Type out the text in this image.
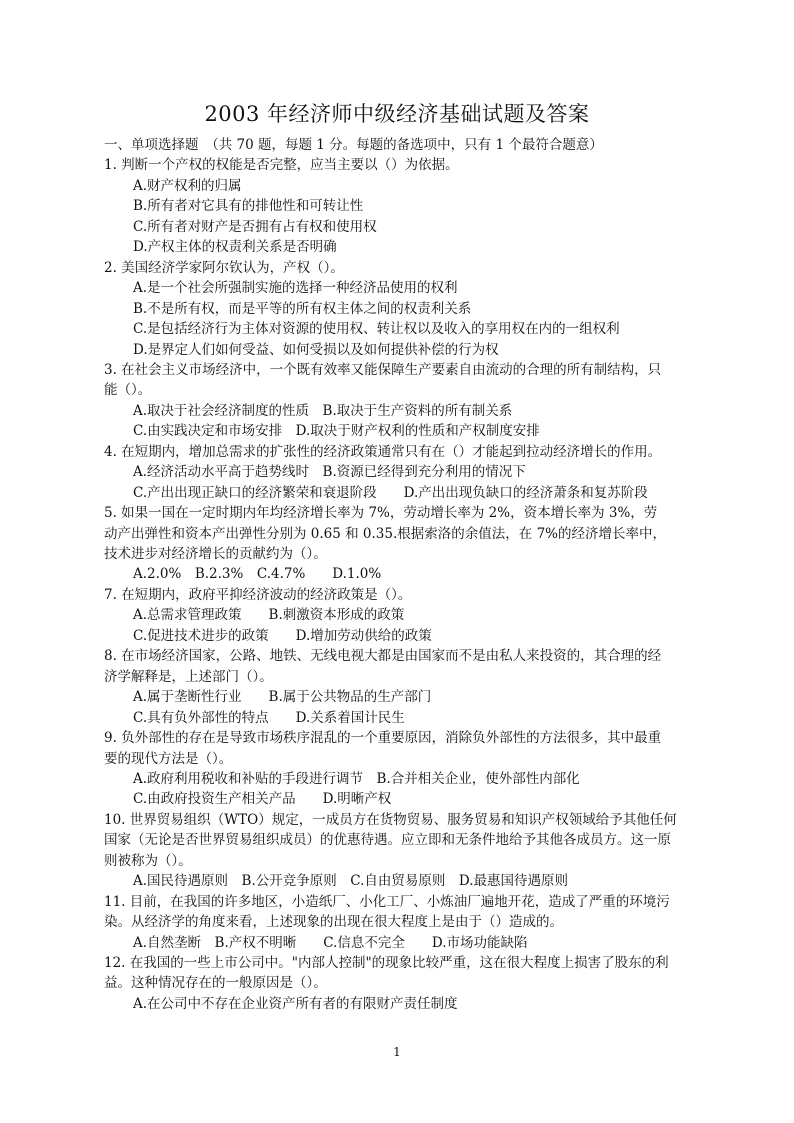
2003 年经济师中级经济基础试题及答案
一、单项选择题　（共 70 题，每题 1 分。每题的备选项中，只有 1 个最符合题意）
1. 判断一个产权的权能是否完整，应当主要以（）为依据。
A.财产权利的归属
B.所有者对它具有的排他性和可转让性
C.所有者对财产是否拥有占有权和使用权
D.产权主体的权责利关系是否明确
2. 美国经济学家阿尔钦认为，产权（）。
A.是一个社会所强制实施的选择一种经济品使用的权利
B.不是所有权，而是平等的所有权主体之间的权责利关系
C.是包括经济行为主体对资源的使用权、转让权以及收入的享用权在内的一组权利
D.是界定人们如何受益、如何受损以及如何提供补偿的行为权
3. 在社会主义市场经济中，一个既有效率又能保障生产要素自由流动的合理的所有制结构，只
能（）。
A.取决于社会经济制度的性质　B.取决于生产资料的所有制关系
C.由实践决定和市场安排　D.取决于财产权利的性质和产权制度安排
4. 在短期内，增加总需求的扩张性的经济政策通常只有在（）才能起到拉动经济增长的作用。
A.经济活动水平高于趋势线时　B.资源已经得到充分利用的情况下
C.产出出现正缺口的经济繁荣和衰退阶段　　D.产出出现负缺口的经济萧条和复苏阶段
5. 如果一国在一定时期内年均经济增长率为 7%，劳动增长率为 2%，资本增长率为 3%，劳
动产出弹性和资本产出弹性分别为 0.65 和 0.35.根据索洛的余值法，在 7%的经济增长率中，
技术进步对经济增长的贡献约为（）。
A.2.0%　B.2.3%　C.4.7%　　D.1.0%
7. 在短期内，政府平抑经济波动的经济政策是（）。
A.总需求管理政策　　B.刺激资本形成的政策
C.促进技术进步的政策　　D.增加劳动供给的政策
8. 在市场经济国家，公路、地铁、无线电视大都是由国家而不是由私人来投资的，其合理的经
济学解释是，上述部门（）。
A.属于垄断性行业　　B.属于公共物品的生产部门
C.具有负外部性的特点　　D.关系着国计民生
9. 负外部性的存在是导致市场秩序混乱的一个重要原因，消除负外部性的方法很多，其中最重
要的现代方法是（）。
A.政府利用税收和补贴的手段进行调节　B.合并相关企业，使外部性内部化
C.由政府投资生产相关产品　　D.明晰产权
10. 世界贸易组织（WTO）规定，一成员方在货物贸易、服务贸易和知识产权领域给予其他任何
国家（无论是否世界贸易组织成员）的优惠待遇。应立即和无条件地给予其他各成员方。这一原
则被称为（）。
A.国民待遇原则　B.公开竞争原则　C.自由贸易原则　D.最惠国待遇原则
11. 目前，在我国的许多地区，小造纸厂、小化工厂、小炼油厂遍地开花，造成了严重的环境污
染。从经济学的角度来看，上述现象的出现在很大程度上是由于（）造成的。
A.自然垄断　B.产权不明晰　　C.信息不完全　　D.市场功能缺陷
12. 在我国的一些上市公司中。"内部人控制"的现象比较严重，这在很大程度上损害了股东的利
益。这种情况存在的一般原因是（）。
A.在公司中不存在企业资产所有者的有限财产责任制度
1
